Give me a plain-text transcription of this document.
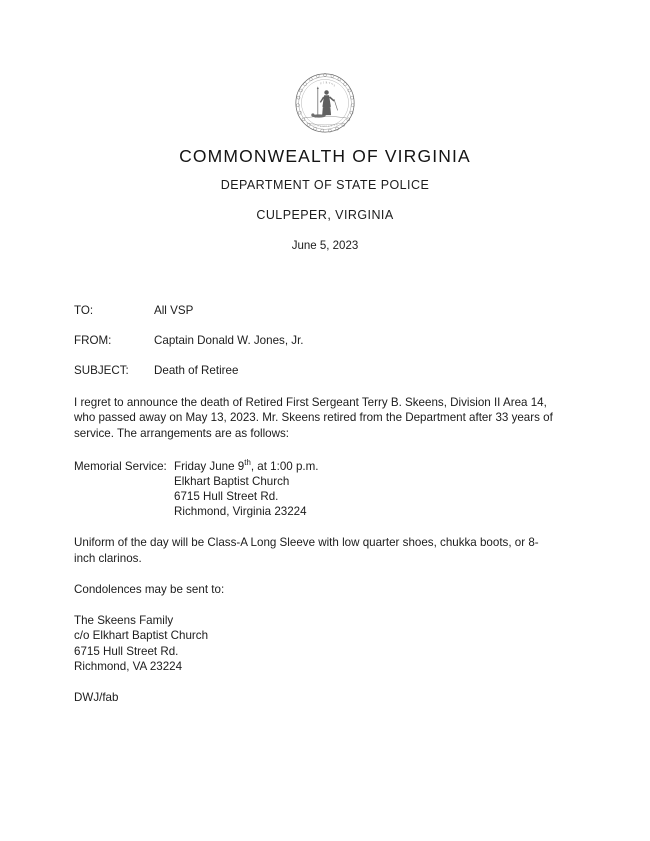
V I R T V S
S I C S E M P E R T Y
COMMONWEALTH OF VIRGINIA
DEPARTMENT OF STATE POLICE
CULPEPER, VIRGINIA
June 5, 2023
TO:	All VSP
FROM:	Captain Donald W. Jones, Jr.
SUBJECT:	Death of Retiree
I regret to announce the death of Retired First Sergeant Terry B. Skeens, Division II Area 14, who passed away on May 13, 2023. Mr. Skeens retired from the Department after 33 years of service. The arrangements are as follows:
Memorial Service: Friday June 9th, at 1:00 p.m.
Elkhart Baptist Church
6715 Hull Street Rd.
Richmond, Virginia 23224
Uniform of the day will be Class-A Long Sleeve with low quarter shoes, chukka boots, or 8-inch clarinos.
Condolences may be sent to:
The Skeens Family
c/o Elkhart Baptist Church
6715 Hull Street Rd.
Richmond, VA 23224
DWJ/fab
